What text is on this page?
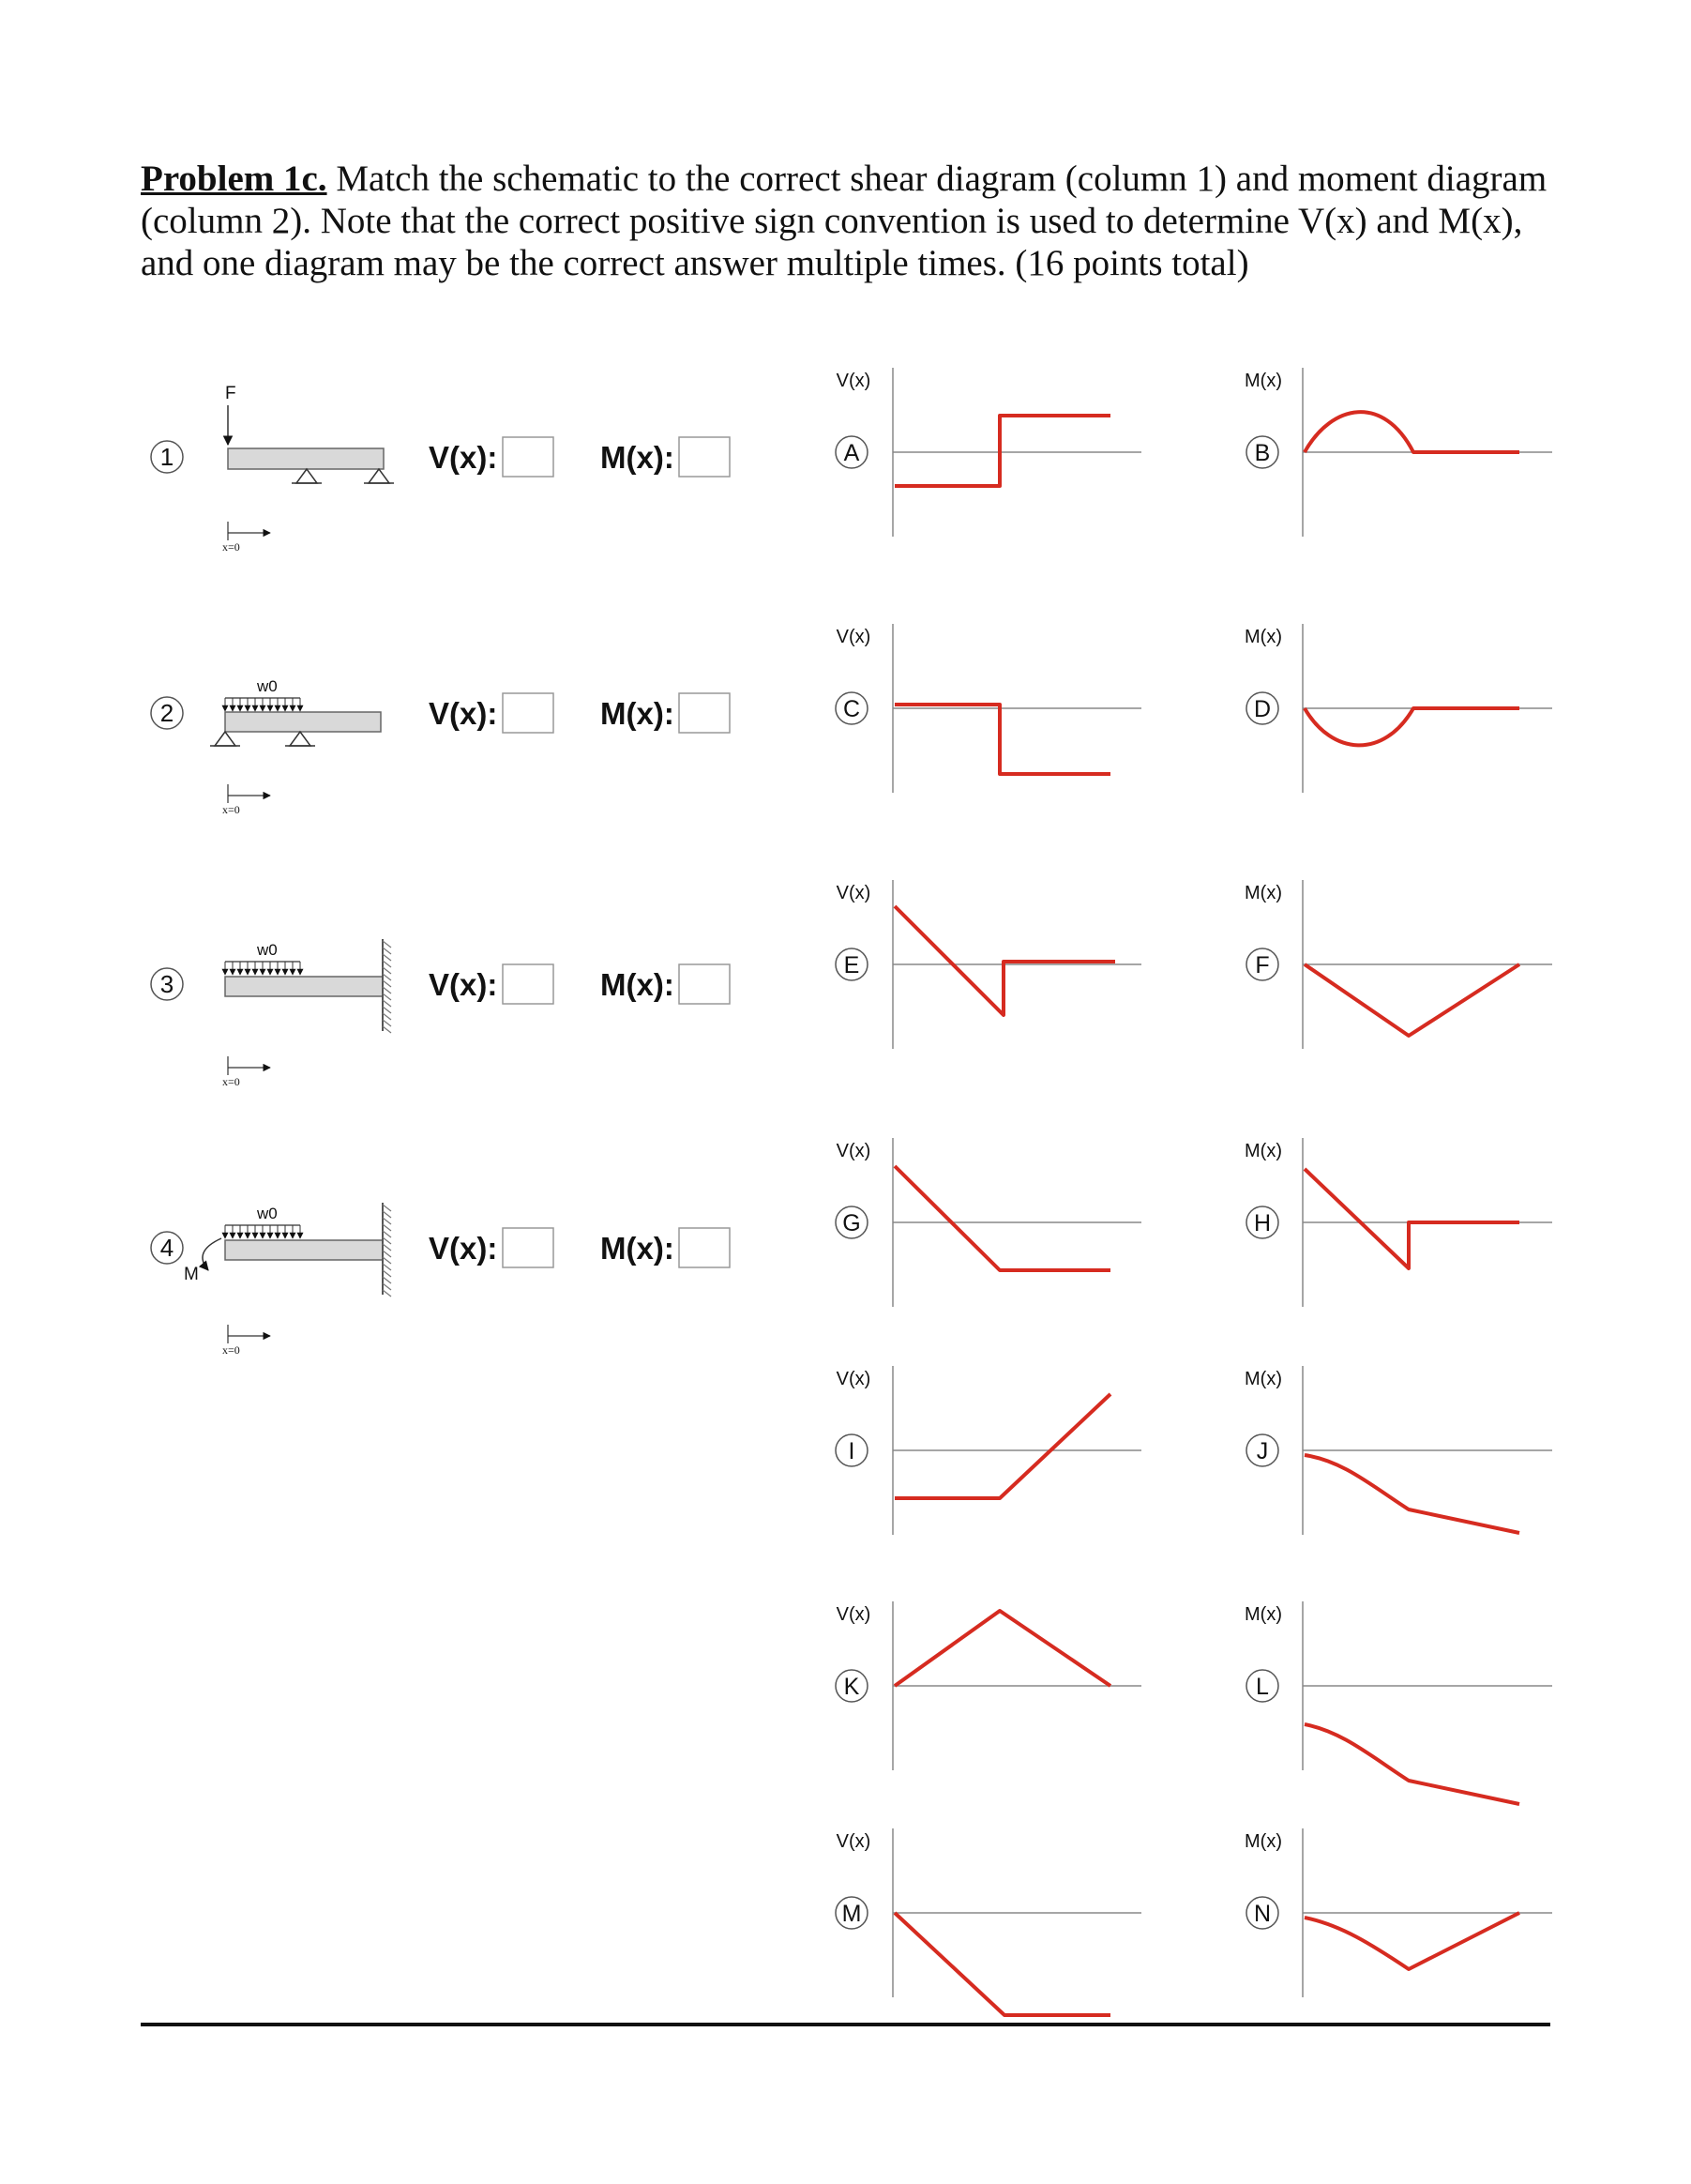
Problem 1c. Match the schematic to the correct shear diagram (column 1) and moment diagram (column 2). Note that the correct positive sign convention is used to determine V(x) and M(x), and one diagram may be the correct answer multiple times. (16 points total)
1
F
x=0
V(x):	M(x):
2
w0
x=0
V(x):	M(x):
3
w0
x=0
V(x):	M(x):
4
w0
M
x=0
V(x):	M(x):
V(x)
A
V(x)
C
V(x)
E
V(x)
G
V(x)
I
V(x)
K
V(x)
M
M(x)
B
M(x)
D
M(x)
F
M(x)
H
M(x)
J
M(x)
L
M(x)
N
